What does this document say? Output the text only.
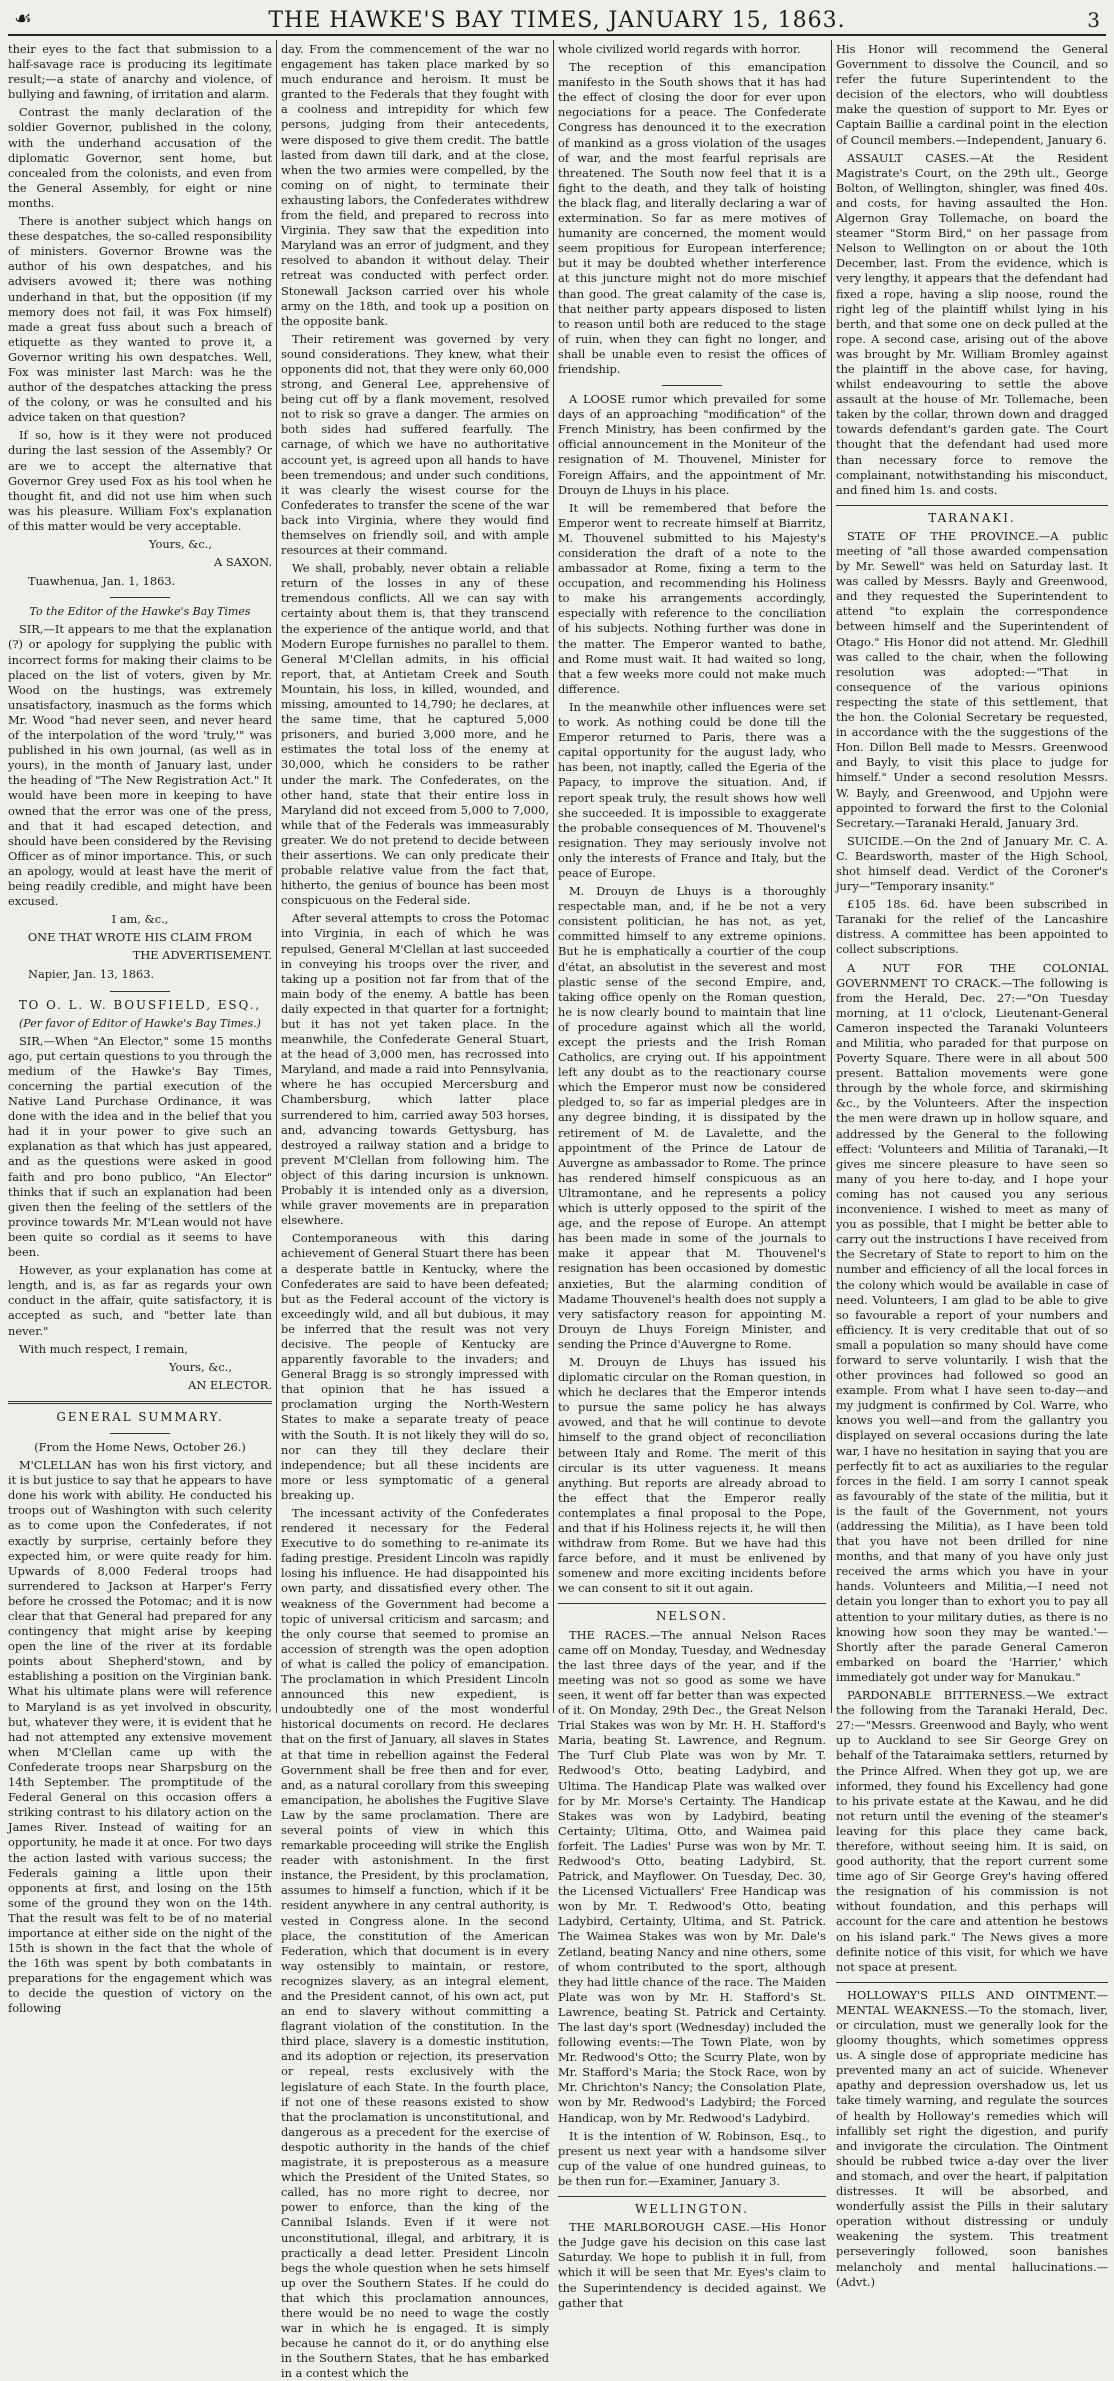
☙	THE HAWKE'S BAY TIMES, JANUARY 15, 1863.	3

their eyes to the fact that submission to a half-savage race is producing its legitimate result;—a state of anarchy and violence, of bullying and fawning, of irritation and alarm.

Contrast the manly declaration of the soldier Governor, published in the colony, with the underhand accusation of the diplomatic Governor, sent home, but concealed from the colonists, and even from the General Assembly, for eight or nine months.

There is another subject which hangs on these despatches, the so-called responsibility of ministers. Governor Browne was the author of his own despatches, and his advisers avowed it; there was nothing underhand in that, but the opposition (if my memory does not fail, it was Fox himself) made a great fuss about such a breach of etiquette as they wanted to prove it, a Governor writing his own despatches. Well, Fox was minister last March: was he the author of the despatches attacking the press of the colony, or was he consulted and his advice taken on that question?

If so, how is it they were not produced during the last session of the Assembly? Or are we to accept the alternative that Governor Grey used Fox as his tool when he thought fit, and did not use him when such was his pleasure. William Fox's explanation of this matter would be very acceptable.

Yours, &c.,

A SAXON.

Tuawhenua, Jan. 1, 1863.

To the Editor of the Hawke's Bay Times

SIR,—It appears to me that the explanation (?) or apology for supplying the public with incorrect forms for making their claims to be placed on the list of voters, given by Mr. Wood on the hustings, was extremely unsatisfactory, inasmuch as the forms which Mr. Wood "had never seen, and never heard of the interpolation of the word 'truly,'" was published in his own journal, (as well as in yours), in the month of January last, under the heading of "The New Registration Act." It would have been more in keeping to have owned that the error was one of the press, and that it had escaped detection, and should have been considered by the Revising Officer as of minor importance. This, or such an apology, would at least have the merit of being readily credible, and might have been excused.

I am, &c.,

ONE THAT WROTE HIS CLAIM FROM

THE ADVERTISEMENT.

Napier, Jan. 13, 1863.

TO O. L. W. BOUSFIELD, ESQ.,

(Per favor of Editor of Hawke's Bay Times.)

SIR,—When "An Elector," some 15 months ago, put certain questions to you through the medium of the Hawke's Bay Times, concerning the partial execution of the Native Land Purchase Ordinance, it was done with the idea and in the belief that you had it in your power to give such an explanation as that which has just appeared, and as the questions were asked in good faith and pro bono publico, "An Elector" thinks that if such an explanation had been given then the feeling of the settlers of the province towards Mr. M'Lean would not have been quite so cordial as it seems to have been.

However, as your explanation has come at length, and is, as far as regards your own conduct in the affair, quite satisfactory, it is accepted as such, and "better late than never."

With much respect, I remain,

Yours, &c.,

AN ELECTOR.

GENERAL SUMMARY.

(From the Home News, October 26.)

M'CLELLAN has won his first victory, and it is but justice to say that he appears to have done his work with ability. He conducted his troops out of Washington with such celerity as to come upon the Confederates, if not exactly by surprise, certainly before they expected him, or were quite ready for him. Upwards of 8,000 Federal troops had surrendered to Jackson at Harper's Ferry before he crossed the Potomac; and it is now clear that that General had prepared for any contingency that might arise by keeping open the line of the river at its fordable points about Shepherd'stown, and by establishing a position on the Virginian bank. What his ultimate plans were will reference to Maryland is as yet involved in obscurity, but, whatever they were, it is evident that he had not attempted any extensive movement when M'Clellan came up with the Confederate troops near Sharpsburg on the 14th September. The promptitude of the Federal General on this occasion offers a striking contrast to his dilatory action on the James River. Instead of waiting for an opportunity, he made it at once. For two days the action lasted with various success; the Federals gaining a little upon their opponents at first, and losing on the 15th some of the ground they won on the 14th. That the result was felt to be of no material importance at either side on the night of the 15th is shown in the fact that the whole of the 16th was spent by both combatants in preparations for the engagement which was to decide the question of victory on the following

day. From the commencement of the war no engagement has taken place marked by so much endurance and heroism. It must be granted to the Federals that they fought with a coolness and intrepidity for which few persons, judging from their antecedents, were disposed to give them credit. The battle lasted from dawn till dark, and at the close, when the two armies were compelled, by the coming on of night, to terminate their exhausting labors, the Confederates withdrew from the field, and prepared to recross into Virginia. They saw that the expedition into Maryland was an error of judgment, and they resolved to abandon it without delay. Their retreat was conducted with perfect order. Stonewall Jackson carried over his whole army on the 18th, and took up a position on the opposite bank.

Their retirement was governed by very sound considerations. They knew, what their opponents did not, that they were only 60,000 strong, and General Lee, apprehensive of being cut off by a flank movement, resolved not to risk so grave a danger. The armies on both sides had suffered fearfully. The carnage, of which we have no authoritative account yet, is agreed upon all hands to have been tremendous; and under such conditions, it was clearly the wisest course for the Confederates to transfer the scene of the war back into Virginia, where they would find themselves on friendly soil, and with ample resources at their command.

We shall, probably, never obtain a reliable return of the losses in any of these tremendous conflicts. All we can say with certainty about them is, that they transcend the experience of the antique world, and that Modern Europe furnishes no parallel to them. General M'Clellan admits, in his official report, that, at Antietam Creek and South Mountain, his loss, in killed, wounded, and missing, amounted to 14,790; he declares, at the same time, that he captured 5,000 prisoners, and buried 3,000 more, and he estimates the total loss of the enemy at 30,000, which he considers to be rather under the mark. The Confederates, on the other hand, state that their entire loss in Maryland did not exceed from 5,000 to 7,000, while that of the Federals was immeasurably greater. We do not pretend to decide between their assertions. We can only predicate their probable relative value from the fact that, hitherto, the genius of bounce has been most conspicuous on the Federal side.

After several attempts to cross the Potomac into Virginia, in each of which he was repulsed, General M'Clellan at last succeeded in conveying his troops over the river, and taking up a position not far from that of the main body of the enemy. A battle has been daily expected in that quarter for a fortnight; but it has not yet taken place. In the meanwhile, the Confederate General Stuart, at the head of 3,000 men, has recrossed into Maryland, and made a raid into Pennsylvania, where he has occupied Mercersburg and Chambersburg, which latter place surrendered to him, carried away 503 horses, and, advancing towards Gettysburg, has destroyed a railway station and a bridge to prevent M'Clellan from following him. The object of this daring incursion is unknown. Probably it is intended only as a diversion, while graver movements are in preparation elsewhere.

Contemporaneous with this daring achievement of General Stuart there has been a desperate battle in Kentucky, where the Confederates are said to have been defeated; but as the Federal account of the victory is exceedingly wild, and all but dubious, it may be inferred that the result was not very decisive. The people of Kentucky are apparently favorable to the invaders; and General Bragg is so strongly impressed with that opinion that he has issued a proclamation urging the North-Western States to make a separate treaty of peace with the South. It is not likely they will do so, nor can they till they declare their independence; but all these incidents are more or less symptomatic of a general breaking up.

The incessant activity of the Confederates rendered it necessary for the Federal Executive to do something to re-animate its fading prestige. President Lincoln was rapidly losing his influence. He had disappointed his own party, and dissatisfied every other. The weakness of the Government had become a topic of universal criticism and sarcasm; and the only course that seemed to promise an accession of strength was the open adoption of what is called the policy of emancipation. The proclamation in which President Lincoln announced this new expedient, is undoubtedly one of the most wonderful historical documents on record. He declares that on the first of January, all slaves in States at that time in rebellion against the Federal Government shall be free then and for ever, and, as a natural corollary from this sweeping emancipation, he abolishes the Fugitive Slave Law by the same proclamation. There are several points of view in which this remarkable proceeding will strike the English reader with astonishment. In the first instance, the President, by this proclamation, assumes to himself a function, which if it be resident anywhere in any central authority, is vested in Congress alone. In the second place, the constitution of the American Federation, which that document is in every way ostensibly to maintain, or restore, recognizes slavery, as an integral element, and the President cannot, of his own act, put an end to slavery without committing a flagrant violation of the constitution. In the third place, slavery is a domestic institution, and its adoption or rejection, its preservation or repeal, rests exclusively with the legislature of each State. In the fourth place, if not one of these reasons existed to show that the proclamation is unconstitutional, and dangerous as a precedent for the exercise of despotic authority in the hands of the chief magistrate, it is preposterous as a measure which the President of the United States, so called, has no more right to decree, nor power to enforce, than the king of the Cannibal Islands. Even if it were not unconstitutional, illegal, and arbitrary, it is practically a dead letter. President Lincoln begs the whole question when he sets himself up over the Southern States. If he could do that which this proclamation announces, there would be no need to wage the costly war in which he is engaged. It is simply because he cannot do it, or do anything else in the Southern States, that he has embarked in a contest which the

whole civilized world regards with horror.

The reception of this emancipation manifesto in the South shows that it has had the effect of closing the door for ever upon negociations for a peace. The Confederate Congress has denounced it to the execration of mankind as a gross violation of the usages of war, and the most fearful reprisals are threatened. The South now feel that it is a fight to the death, and they talk of hoisting the black flag, and literally declaring a war of extermination. So far as mere motives of humanity are concerned, the moment would seem propitious for European interference; but it may be doubted whether interference at this juncture might not do more mischief than good. The great calamity of the case is, that neither party appears disposed to listen to reason until both are reduced to the stage of ruin, when they can fight no longer, and shall be unable even to resist the offices of friendship.

A LOOSE rumor which prevailed for some days of an approaching "modification" of the French Ministry, has been confirmed by the official announcement in the Moniteur of the resignation of M. Thouvenel, Minister for Foreign Affairs, and the appointment of Mr. Drouyn de Lhuys in his place.

It will be remembered that before the Emperor went to recreate himself at Biarritz, M. Thouvenel submitted to his Majesty's consideration the draft of a note to the ambassador at Rome, fixing a term to the occupation, and recommending his Holiness to make his arrangements accordingly, especially with reference to the conciliation of his subjects. Nothing further was done in the matter. The Emperor wanted to bathe, and Rome must wait. It had waited so long, that a few weeks more could not make much difference.

In the meanwhile other influences were set to work. As nothing could be done till the Emperor returned to Paris, there was a capital opportunity for the august lady, who has been, not inaptly, called the Egeria of the Papacy, to improve the situation. And, if report speak truly, the result shows how well she succeeded. It is impossible to exaggerate the probable consequences of M. Thouvenel's resignation. They may seriously involve not only the interests of France and Italy, but the peace of Europe.

M. Drouyn de Lhuys is a thoroughly respectable man, and, if he be not a very consistent politician, he has not, as yet, committed himself to any extreme opinions. But he is emphatically a courtier of the coup d'état, an absolutist in the severest and most plastic sense of the second Empire, and, taking office openly on the Roman question, he is now clearly bound to maintain that line of procedure against which all the world, except the priests and the Irish Roman Catholics, are crying out. If his appointment left any doubt as to the reactionary course which the Emperor must now be considered pledged to, so far as imperial pledges are in any degree binding, it is dissipated by the retirement of M. de Lavalette, and the appointment of the Prince de Latour de Auvergne as ambassador to Rome. The prince has rendered himself conspicuous as an Ultramontane, and he represents a policy which is utterly opposed to the spirit of the age, and the repose of Europe. An attempt has been made in some of the journals to make it appear that M. Thouvenel's resignation has been occasioned by domestic anxieties, But the alarming condition of Madame Thouvenel's health does not supply a very satisfactory reason for appointing M. Drouyn de Lhuys Foreign Minister, and sending the Prince d'Auvergne to Rome.

M. Drouyn de Lhuys has issued his diplomatic circular on the Roman question, in which he declares that the Emperor intends to pursue the same policy he has always avowed, and that he will continue to devote himself to the grand object of reconciliation between Italy and Rome. The merit of this circular is its utter vagueness. It means anything. But reports are already abroad to the effect that the Emperor really contemplates a final proposal to the Pope, and that if his Holiness rejects it, he will then withdraw from Rome. But we have had this farce before, and it must be enlivened by somenew and more exciting incidents before we can consent to sit it out again.

NELSON.

THE RACES.—The annual Nelson Races came off on Monday, Tuesday, and Wednesday the last three days of the year, and if the meeting was not so good as some we have seen, it went off far better than was expected of it. On Monday, 29th Dec., the Great Nelson Trial Stakes was won by Mr. H. H. Stafford's Maria, beating St. Lawrence, and Regnum. The Turf Club Plate was won by Mr. T. Redwood's Otto, beating Ladybird, and Ultima. The Handicap Plate was walked over for by Mr. Morse's Certainty. The Handicap Stakes was won by Ladybird, beating Certainty; Ultima, Otto, and Waimea paid forfeit. The Ladies' Purse was won by Mr. T. Redwood's Otto, beating Ladybird, St. Patrick, and Mayflower. On Tuesday, Dec. 30, the Licensed Victuallers' Free Handicap was won by Mr. T. Redwood's Otto, beating Ladybird, Certainty, Ultima, and St. Patrick. The Waimea Stakes was won by Mr. Dale's Zetland, beating Nancy and nine others, some of whom contributed to the sport, although they had little chance of the race. The Maiden Plate was won by Mr. H. Stafford's St. Lawrence, beating St. Patrick and Certainty. The last day's sport (Wednesday) included the following events:—The Town Plate, won by Mr. Redwood's Otto; the Scurry Plate, won by Mr. Stafford's Maria; the Stock Race, won by Mr. Chrichton's Nancy; the Consolation Plate, won by Mr. Redwood's Ladybird; the Forced Handicap, won by Mr. Redwood's Ladybird.

It is the intention of W. Robinson, Esq., to present us next year with a handsome silver cup of the value of one hundred guineas, to be then run for.—Examiner, January 3.

WELLINGTON.

THE MARLBOROUGH CASE.—His Honor the Judge gave his decision on this case last Saturday. We hope to publish it in full, from which it will be seen that Mr. Eyes's claim to the Superintendency is decided against. We gather that

His Honor will recommend the General Government to dissolve the Council, and so refer the future Superintendent to the decision of the electors, who will doubtless make the question of support to Mr. Eyes or Captain Baillie a cardinal point in the election of Council members.—Independent, January 6.

ASSAULT CASES.—At the Resident Magistrate's Court, on the 29th ult., George Bolton, of Wellington, shingler, was fined 40s. and costs, for having assaulted the Hon. Algernon Gray Tollemache, on board the steamer "Storm Bird," on her passage from Nelson to Wellington on or about the 10th December, last. From the evidence, which is very lengthy, it appears that the defendant had fixed a rope, having a slip noose, round the right leg of the plaintiff whilst lying in his berth, and that some one on deck pulled at the rope. A second case, arising out of the above was brought by Mr. William Bromley against the plaintiff in the above case, for having, whilst endeavouring to settle the above assault at the house of Mr. Tollemache, been taken by the collar, thrown down and dragged towards defendant's garden gate. The Court thought that the defendant had used more than necessary force to remove the complainant, notwithstanding his misconduct, and fined him 1s. and costs.

TARANAKI.

STATE OF THE PROVINCE.—A public meeting of "all those awarded compensation by Mr. Sewell" was held on Saturday last. It was called by Messrs. Bayly and Greenwood, and they requested the Superintendent to attend "to explain the correspondence between himself and the Superintendent of Otago." His Honor did not attend. Mr. Gledhill was called to the chair, when the following resolution was adopted:—"That in consequence of the various opinions respecting the state of this settlement, that the hon. the Colonial Secretary be requested, in accordance with the the suggestions of the Hon. Dillon Bell made to Messrs. Greenwood and Bayly, to visit this place to judge for himself." Under a second resolution Messrs. W. Bayly, and Greenwood, and Upjohn were appointed to forward the first to the Colonial Secretary.—Taranaki Herald, January 3rd.

SUICIDE.—On the 2nd of January Mr. C. A. C. Beardsworth, master of the High School, shot himself dead. Verdict of the Coroner's jury—"Temporary insanity."

£105 18s. 6d. have been subscribed in Taranaki for the relief of the Lancashire distress. A committee has been appointed to collect subscriptions.

A NUT FOR THE COLONIAL GOVERNMENT TO CRACK.—The following is from the Herald, Dec. 27:—"On Tuesday morning, at 11 o'clock, Lieutenant-General Cameron inspected the Taranaki Volunteers and Militia, who paraded for that purpose on Poverty Square. There were in all about 500 present. Battalion movements were gone through by the whole force, and skirmishing &c., by the Volunteers. After the inspection the men were drawn up in hollow square, and addressed by the General to the following effect: 'Volunteers and Militia of Taranaki,—It gives me sincere pleasure to have seen so many of you here to-day, and I hope your coming has not caused you any serious inconvenience. I wished to meet as many of you as possible, that I might be better able to carry out the instructions I have received from the Secretary of State to report to him on the number and efficiency of all the local forces in the colony which would be available in case of need. Volunteers, I am glad to be able to give so favourable a report of your numbers and efficiency. It is very creditable that out of so small a population so many should have come forward to serve voluntarily. I wish that the other provinces had followed so good an example. From what I have seen to-day—and my judgment is confirmed by Col. Warre, who knows you well—and from the gallantry you displayed on several occasions during the late war, I have no hesitation in saying that you are perfectly fit to act as auxiliaries to the regular forces in the field. I am sorry I cannot speak as favourably of the state of the militia, but it is the fault of the Government, not yours (addressing the Militia), as I have been told that you have not been drilled for nine months, and that many of you have only just received the arms which you have in your hands. Volunteers and Militia,—I need not detain you longer than to exhort you to pay all attention to your military duties, as there is no knowing how soon they may be wanted.'—Shortly after the parade General Cameron embarked on board the 'Harrier,' which immediately got under way for Manukau."

PARDONABLE BITTERNESS.—We extract the following from the Taranaki Herald, Dec. 27:—"Messrs. Greenwood and Bayly, who went up to Auckland to see Sir George Grey on behalf of the Tataraimaka settlers, returned by the Prince Alfred. When they got up, we are informed, they found his Excellency had gone to his private estate at the Kawau, and he did not return until the evening of the steamer's leaving for this place they came back, therefore, without seeing him. It is said, on good authority, that the report current some time ago of Sir George Grey's having offered the resignation of his commission is not without foundation, and this perhaps will account for the care and attention he bestows on his island park." The News gives a more definite notice of this visit, for which we have not space at present.

HOLLOWAY'S PILLS AND OINTMENT.—MENTAL WEAKNESS.—To the stomach, liver, or circulation, must we generally look for the gloomy thoughts, which sometimes oppress us. A single dose of appropriate medicine has prevented many an act of suicide. Whenever apathy and depression overshadow us, let us take timely warning, and regulate the sources of health by Holloway's remedies which will infallibly set right the digestion, and purify and invigorate the circulation. The Ointment should be rubbed twice a-day over the liver and stomach, and over the heart, if palpitation distresses. It will be absorbed, and wonderfully assist the Pills in their salutary operation without distressing or unduly weakening the system. This treatment perseveringly followed, soon banishes melancholy and mental hallucinations.—(Advt.)
